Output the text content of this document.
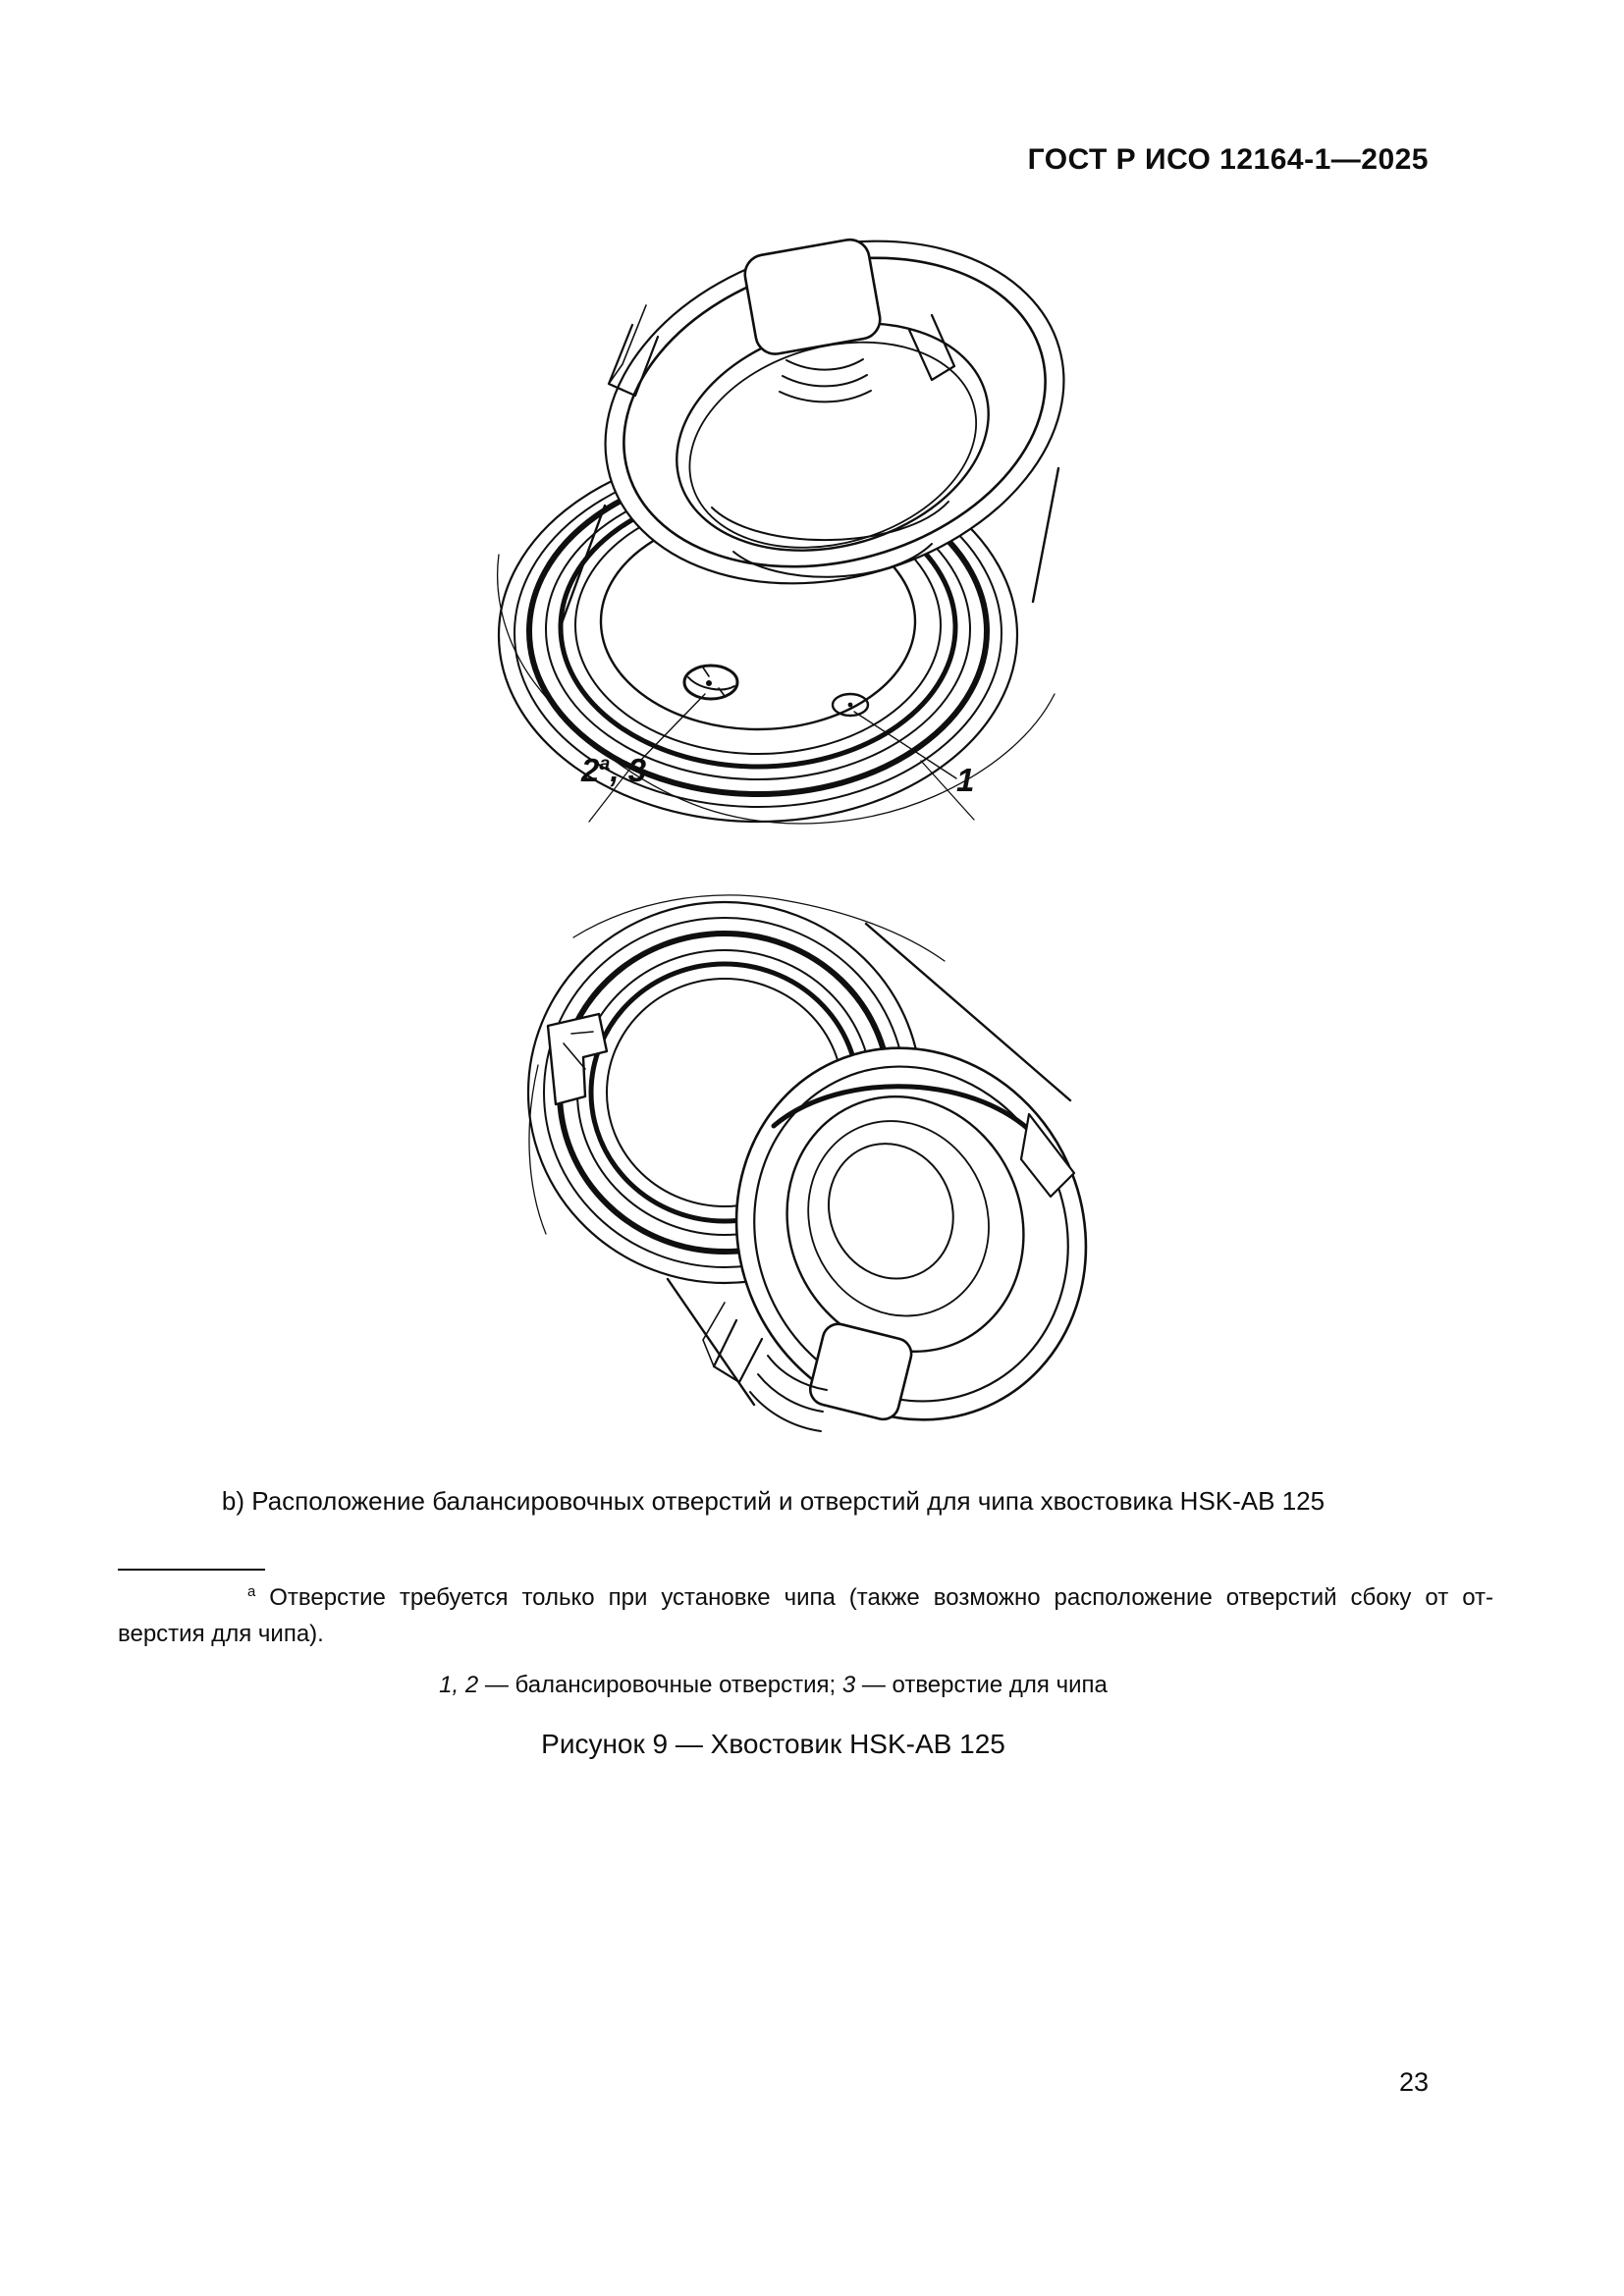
ГОСТ Р ИСО 12164-1—2025
2$^a$, 3	1
b) Расположение балансировочных отверстий и отверстий для чипа хвостовика HSK-AB 125
$^a$ Отверстие требуется только при установке чипа (также возможно расположение отверстий сбоку от от-
верстия для чипа).
1, 2 — балансировочные отверстия; 3 — отверстие для чипа
Рисунок 9 — Хвостовик HSK-AB 125
23
